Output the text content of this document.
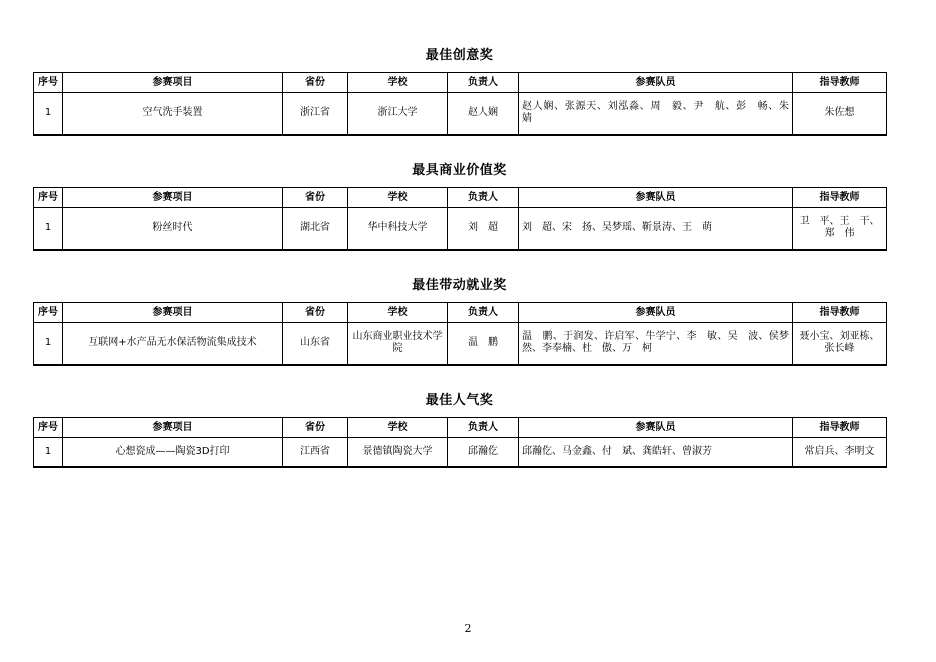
最佳创意奖
序号	参赛项目	省份	学校	负责人	参赛队员	指导教师
1	空气洗手装置	浙江省	浙江大学	赵人娴	赵人娴、张源天、刘泓淼、周　毅、尹　航、彭　畅、朱　婧	朱佐想
最具商业价值奖
序号	参赛项目	省份	学校	负责人	参赛队员	指导教师
1	粉丝时代	湖北省	华中科技大学	刘　超	刘　超、宋　扬、吴梦瑶、靳景涛、王　萌	卫　平、王　干、郑　伟
最佳带动就业奖
序号	参赛项目	省份	学校	负责人	参赛队员	指导教师
1	互联网+水产品无水保活物流集成技术	山东省	山东商业职业技术学院	温　鹏	温　鹏、于润发、许启军、牛学宁、李　敏、吴　波、侯梦然、李奉楠、杜　傲、万　柯	聂小宝、刘亚栋、张长峰
最佳人气奖
序号	参赛项目	省份	学校	负责人	参赛队员	指导教师
1	心想瓷成——陶瓷3D打印	江西省	景德镇陶瓷大学	邱瀚仡	邱瀚仡、马金鑫、付　斌、龚皓轩、曾淑芳	常启兵、李明文
2
